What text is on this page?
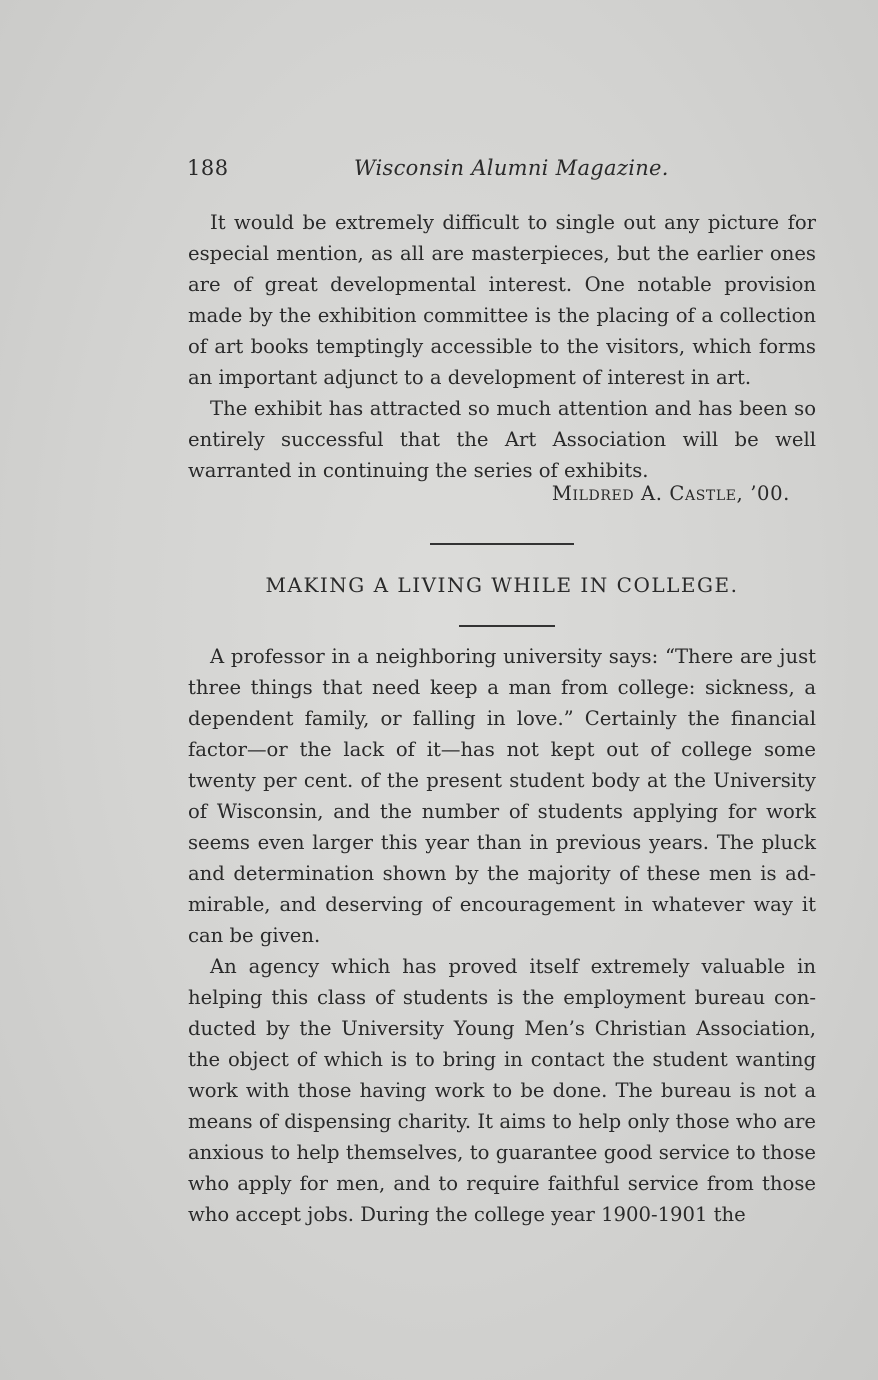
188	Wisconsin Alumni Magazine.

It would be extremely difficult to single out any picture for especial mention, as all are masterpieces, but the earlier ones are of great developmental interest. One notable provision made by the exhibition committee is the placing of a collection of art books temptingly accessible to the visitors, which forms an important adjunct to a development of interest in art.

The exhibit has attracted so much attention and has been so entirely successful that the Art Association will be well warranted in continuing the series of exhibits.

Mildred A. Castle, ’00.
MAKING A LIVING WHILE IN COLLEGE.

A professor in a neighboring university says: “There are just three things that need keep a man from college: sickness, a dependent family, or falling in love.” Certainly the financial factor—or the lack of it—has not kept out of college some twenty per cent. of the present student body at the University of Wisconsin, and the number of students applying for work seems even larger this year than in previous years. The pluck and determination shown by the majority of these men is admirable, and deserving of encouragement in whatever way it can be given.

An agency which has proved itself extremely valuable in helping this class of students is the employment bureau conducted by the University Young Men’s Christian Association, the object of which is to bring in contact the student wanting work with those having work to be done. The bureau is not a means of dispensing charity. It aims to help only those who are anxious to help themselves, to guarantee good service to those who apply for men, and to require faithful service from those who accept jobs. During the college year 1900-1901 the
